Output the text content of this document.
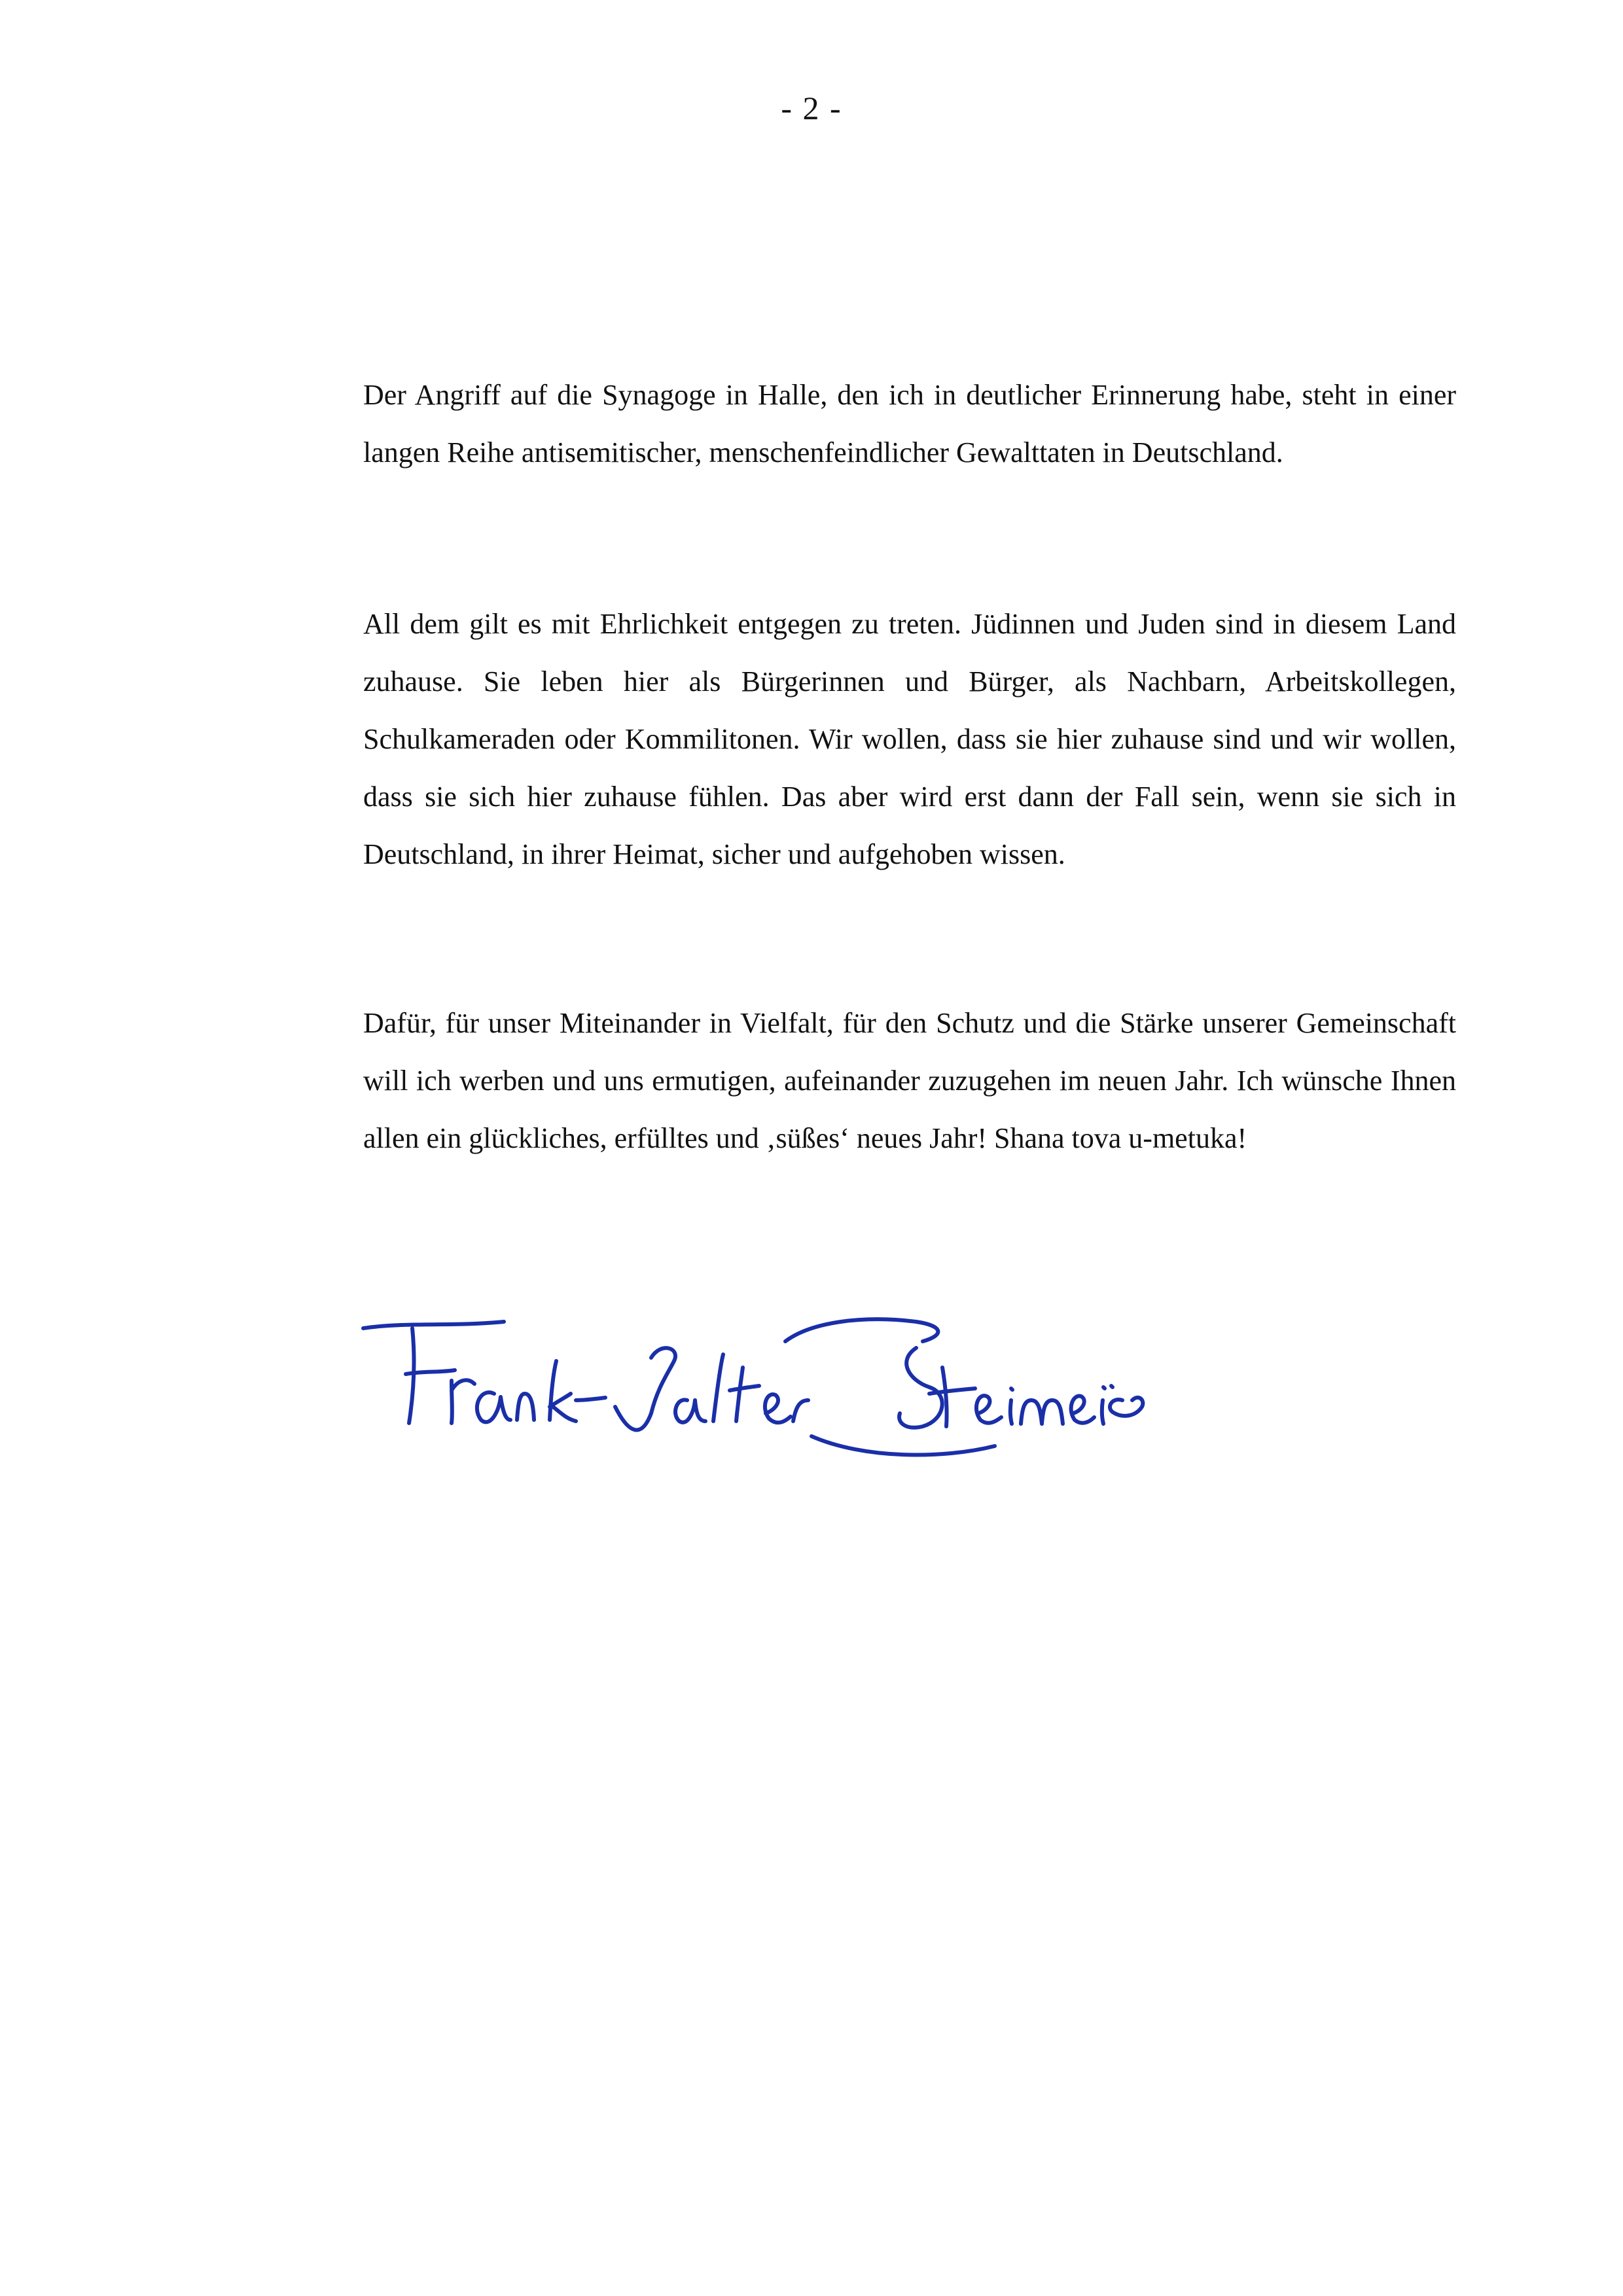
- 2 -

Der Angriff auf die Synagoge in Halle, den ich in deutlicher Erinnerung habe, steht in einer langen Reihe antisemitischer, menschenfeindlicher Gewalttaten in Deutschland.

All dem gilt es mit Ehrlichkeit entgegen zu treten. Jüdinnen und Juden sind in diesem Land zuhause. Sie leben hier als Bürgerinnen und Bürger, als Nachbarn, Arbeitskollegen, Schulkameraden oder Kommilitonen. Wir wollen, dass sie hier zuhause sind und wir wollen, dass sie sich hier zuhause fühlen. Das aber wird erst dann der Fall sein, wenn sie sich in Deutschland, in ihrer Heimat, sicher und aufgehoben wissen.

Dafür, für unser Miteinander in Vielfalt, für den Schutz und die Stärke unserer Gemeinschaft will ich werben und uns ermutigen, aufeinander zuzugehen im neuen Jahr. Ich wünsche Ihnen allen ein glückliches, erfülltes und ‚süßes‘ neues Jahr! Shana tova u-metuka!
